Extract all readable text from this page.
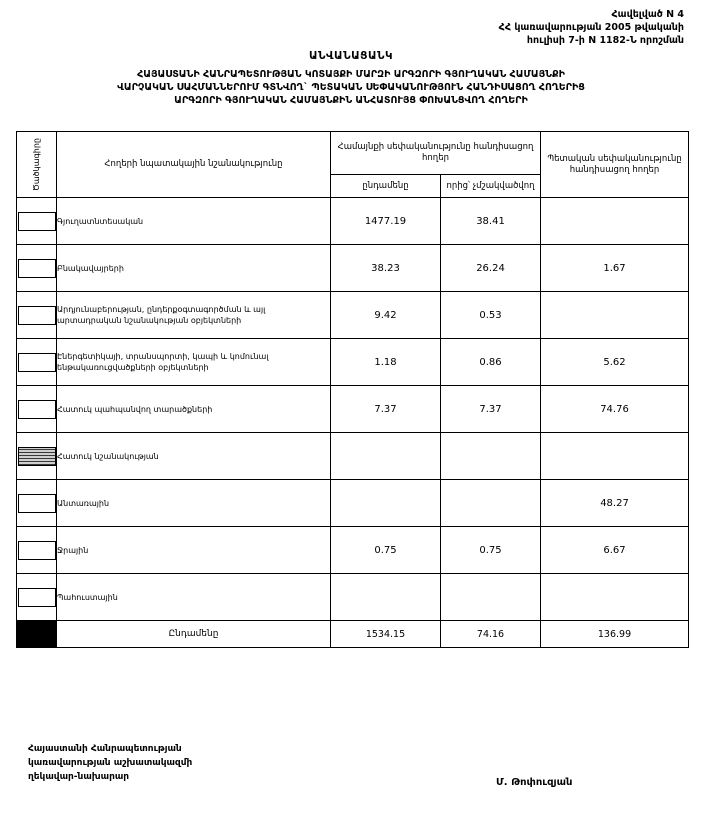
Հավելված N 4
ՀՀ կառավարության 2005 թվականի
հուլիսի 7-ի N 1182-Ն որոշման
ԱՆՎԱՆԱՑԱՆԿ
ՀԱՅԱՍՏԱՆԻ ՀԱՆՐԱՊԵՏՈՒԹՅԱՆ ԿՈՏԱՅՔԻ ՄԱՐԶԻ ԱՐԳԶՈՐԻ ԳՅՈՒՂԱԿԱՆ ՀԱՄԱՅՆՔԻ
ՎԱՐՉԱԿԱՆ ՍԱՀՄԱՆՆԵՐՈՒՄ ԳՏՆՎՈՂ` ՊԵՏԱԿԱՆ ՍԵՓԱԿԱՆՈՒԹՅՈՒՆ ՀԱՆԴԻՍԱՑՈՂ ՀՈՂԵՐԻՑ
ԱՐԳԶՈՐԻ ԳՅՈՒՂԱԿԱՆ ՀԱՄԱՅՆՔԻՆ ԱՆՀԱՏՈՒՅՑ ՓՈԽԱՆՑՎՈՂ ՀՈՂԵՐԻ
Ծածկագիրը	Հողերի նպատակային նշանակությունը	Համայնքի սեփականությունը հանդիսացող հողեր		Պետական սեփականությունը հանդիսացող հողեր
		ընդամենը	որից՝ չմշակվածվող	

	Գյուղատնտեսական	1477.19	38.41	

	Բնակավայրերի	38.23	26.24	1.67

	Արդյունաբերության, ընդերքօգտագործման և այլ արտադրական նշանակության օբյեկտների	9.42	0.53	

	Էներգետիկայի, տրանսպորտի, կապի և կոմունալ ենթակառուցվածքների օբյեկտների	1.18	0.86	5.62

	Հատուկ պահպանվող տարածքների	7.37	7.37	74.76

	Հատուկ նշանակության			

	Անտառային			48.27

	Ջրային	0.75	0.75	6.67

	Պահուստային			
	Ընդամենը	1534.15	74.16	136.99
Հայաստանի Հանրապետության
կառավարության աշխատակազմի
ղեկավար-նախարար	Մ. Թոփուզյան
